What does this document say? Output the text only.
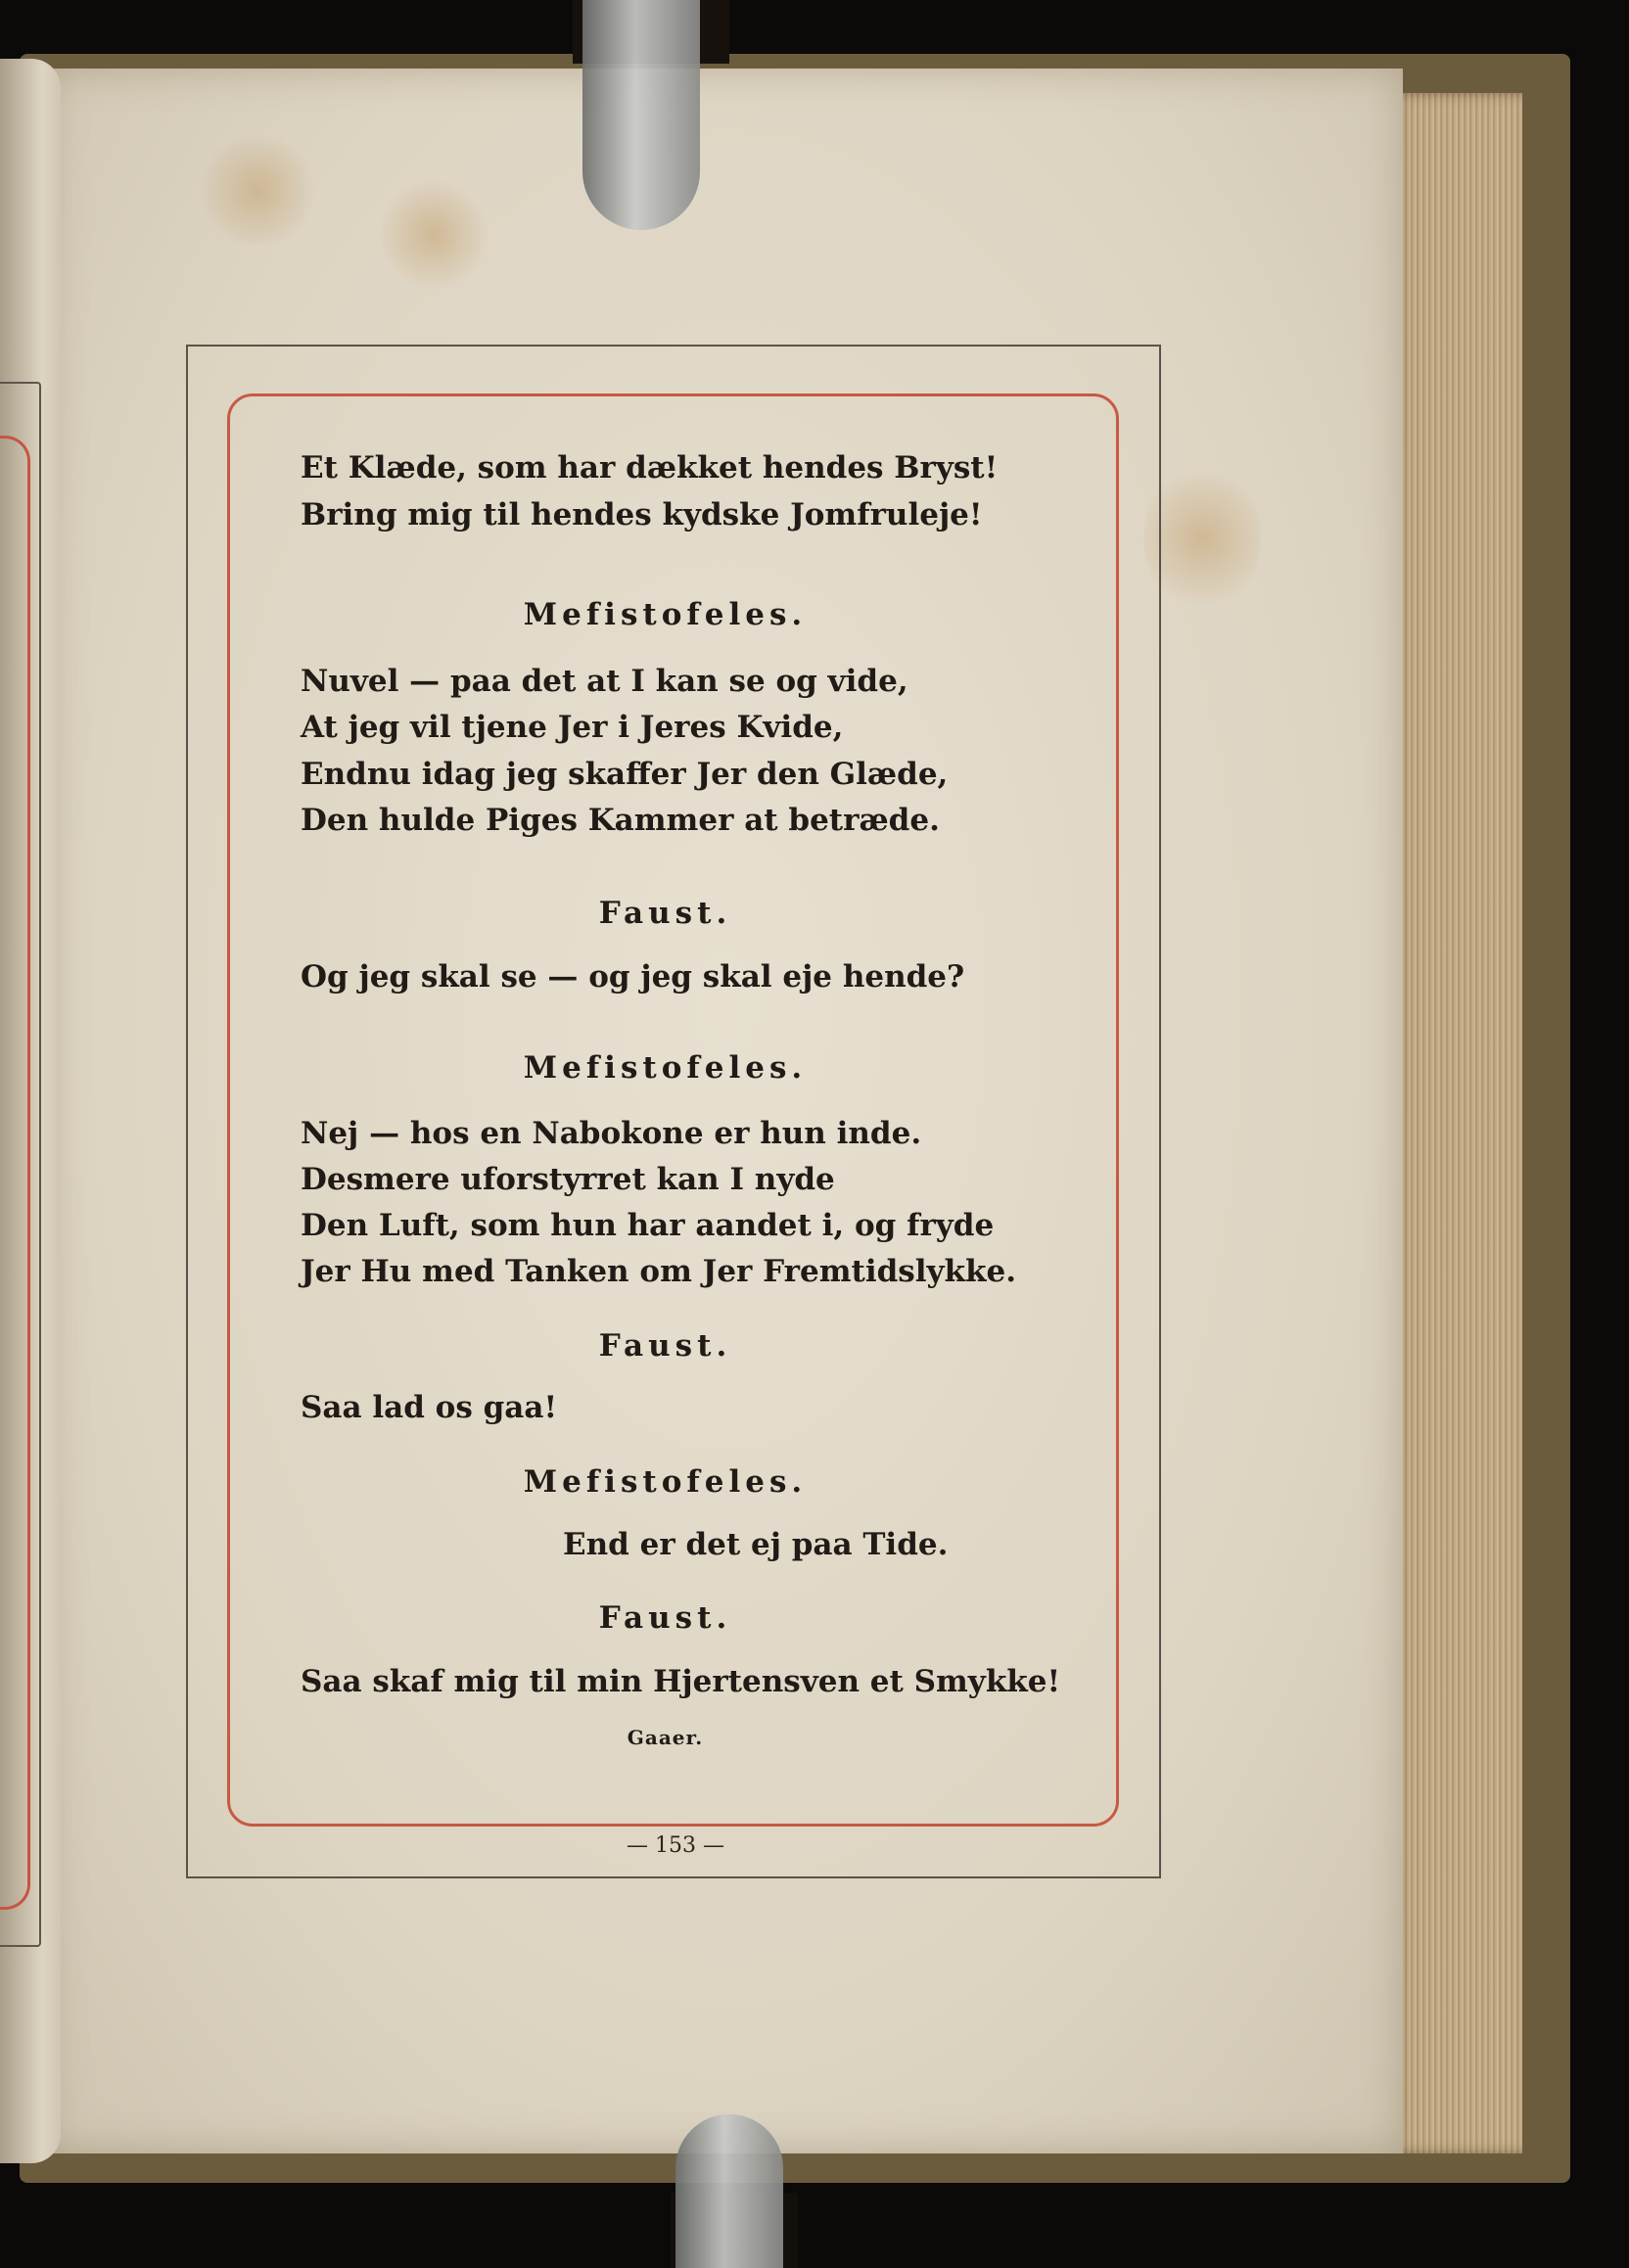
Et Klæde, som har dækket hendes Bryst!
Bring mig til hendes kydske Jomfruleje!
Mefistofeles.
Nuvel — paa det at I kan se og vide,
At jeg vil tjene Jer i Jeres Kvide,
Endnu idag jeg skaffer Jer den Glæde,
Den hulde Piges Kammer at betræde.
Faust.
Og jeg skal se — og jeg skal eje hende?
Mefistofeles.
Nej — hos en Nabokone er hun inde.
Desmere uforstyrret kan I nyde
Den Luft, som hun har aandet i, og fryde
Jer Hu med Tanken om Jer Fremtidslykke.
Faust.
Saa lad os gaa!
Mefistofeles.
End er det ej paa Tide.
Faust.
Saa skaf mig til min Hjertensven et Smykke!
Gaaer.
— 153 —
